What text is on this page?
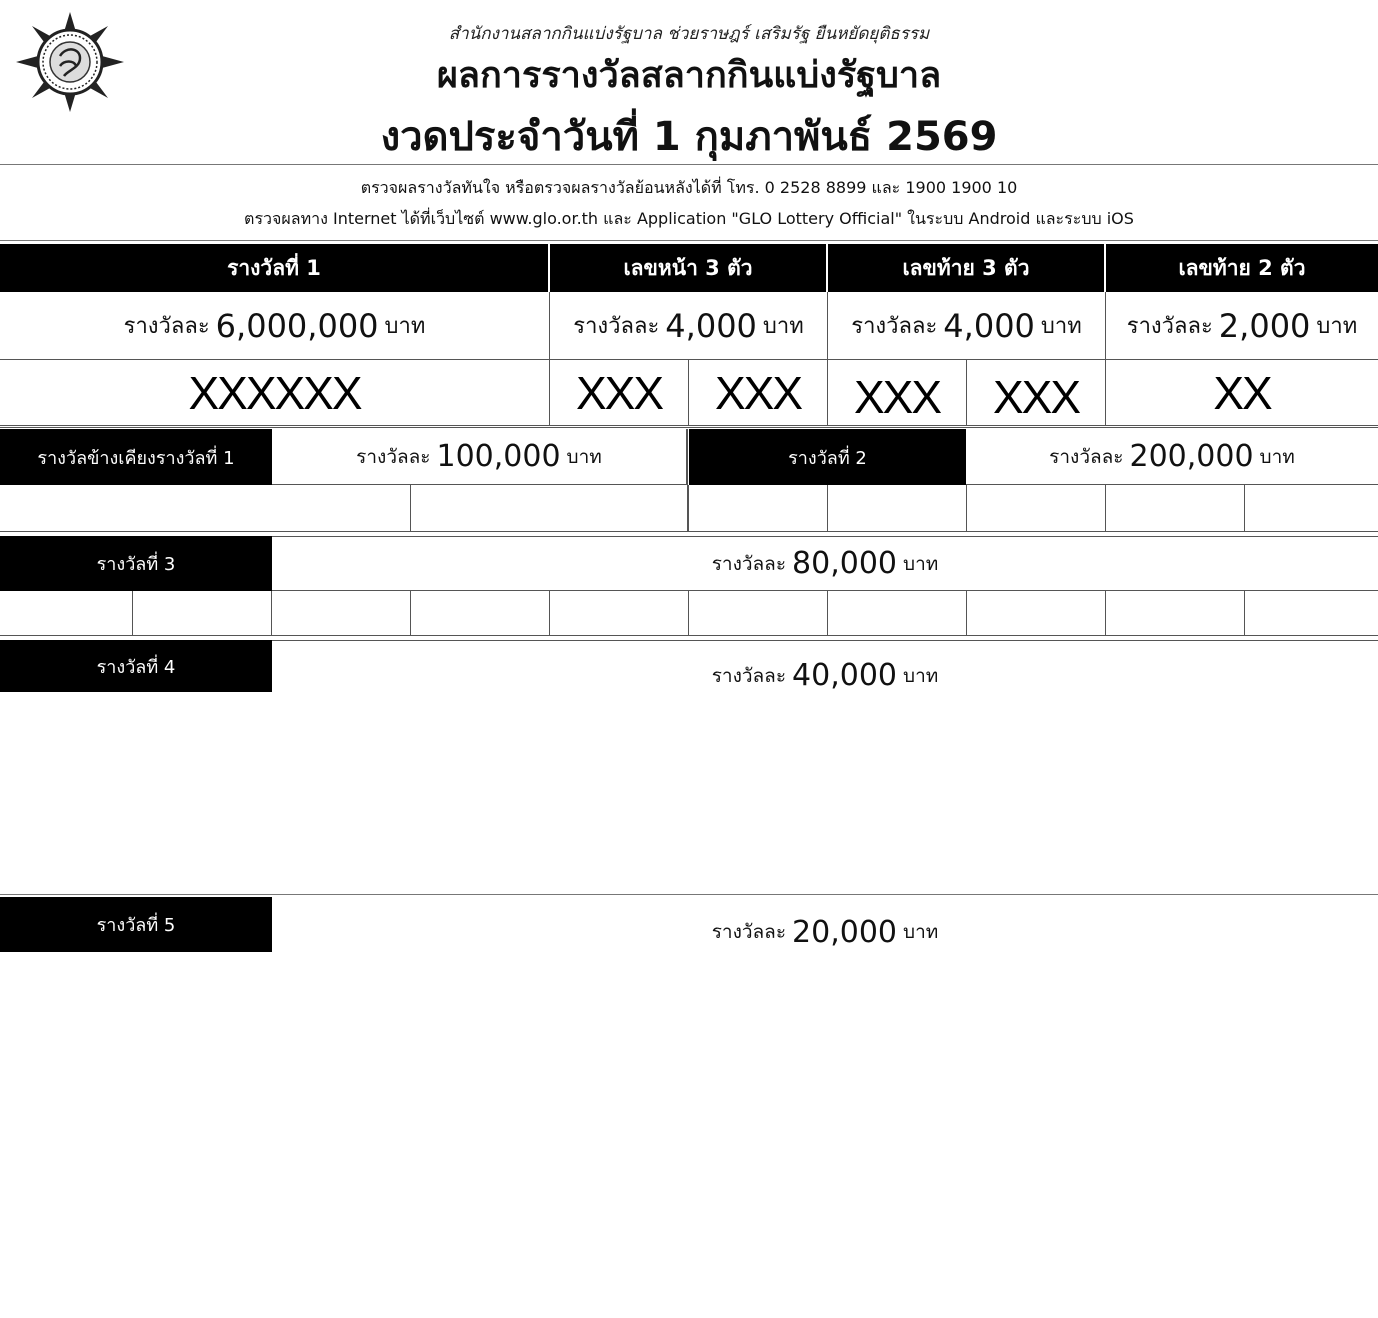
สำนักงานสลากกินแบ่งรัฐบาล ช่วยราษฎร์ เสริมรัฐ ยืนหยัดยุติธรรม
ผลการรางวัลสลากกินแบ่งรัฐบาล
งวดประจำวันที่ 1 กุมภาพันธ์ 2569
ตรวจผลรางวัลทันใจ หรือตรวจผลรางวัลย้อนหลังได้ที่ โทร. 0 2528 8899 และ 1900 1900 10
ตรวจผลทาง Internet ได้ที่เว็บไซต์ www.glo.or.th และ Application "GLO Lottery Official" ในระบบ Android และระบบ iOS
รางวัลที่ 1	เลขหน้า 3 ตัว	เลขท้าย 3 ตัว	เลขท้าย 2 ตัว
รางวัลละ 6,000,000 บาท	รางวัลละ 4,000 บาท รางวัลละ 4,000 บาท รางวัลละ 2,000 บาท
XXXXXX	XXX	XXX	XXX	XXX	XX
รางวัลข้างเคียงรางวัลที่ 1	รางวัลละ 100,000 บาท	รางวัลที่ 2	รางวัลละ 200,000 บาท
รางวัลที่ 3	รางวัลละ 80,000 บาท
รางวัลที่ 4	รางวัลละ 40,000 บาท
รางวัลที่ 5	รางวัลละ 20,000 บาท
